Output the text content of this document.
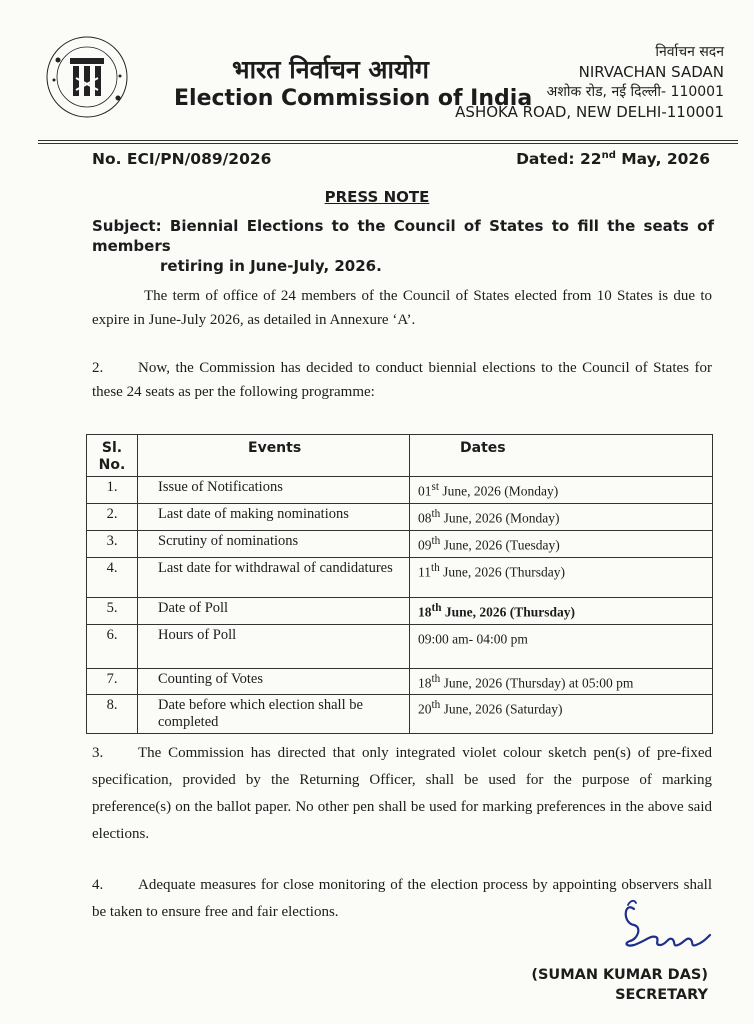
भारत निर्वाचन आयोग
Election Commission of India
निर्वाचन सदन
NIRVACHAN SADAN
अशोक रोड, नई दिल्ली- 110001
ASHOKA ROAD, NEW DELHI-110001
No. ECI/PN/089/2026	Dated: 22nd May, 2026
PRESS NOTE
Subject: Biennial Elections to the Council of States to fill the seats of members
retiring in June-July, 2026.
The term of office of 24 members of the Council of States elected from 10 States is due to expire in June-July 2026, as detailed in Annexure ‘A’.
2. Now, the Commission has decided to conduct biennial elections to the Council of States for these 24 seats as per the following programme:
Sl. No.	Events	Dates
1.	Issue of Notifications	01st June, 2026 (Monday)
2.	Last date of making nominations	08th June, 2026 (Monday)
3.	Scrutiny of nominations	09th June, 2026 (Tuesday)
4.	Last date for withdrawal of candidatures	11th June, 2026 (Thursday)
5.	Date of Poll	18th June, 2026 (Thursday)
6.	Hours of Poll	09:00 am- 04:00 pm
7.	Counting of Votes	18th June, 2026 (Thursday) at 05:00 pm
8.	Date before which election shall be completed	20th June, 2026 (Saturday)
3. The Commission has directed that only integrated violet colour sketch pen(s) of pre-fixed specification, provided by the Returning Officer, shall be used for the purpose of marking preference(s) on the ballot paper. No other pen shall be used for marking preferences in the above said elections.
4. Adequate measures for close monitoring of the election process by appointing observers shall be taken to ensure free and fair elections.
(SUMAN KUMAR DAS)
SECRETARY
